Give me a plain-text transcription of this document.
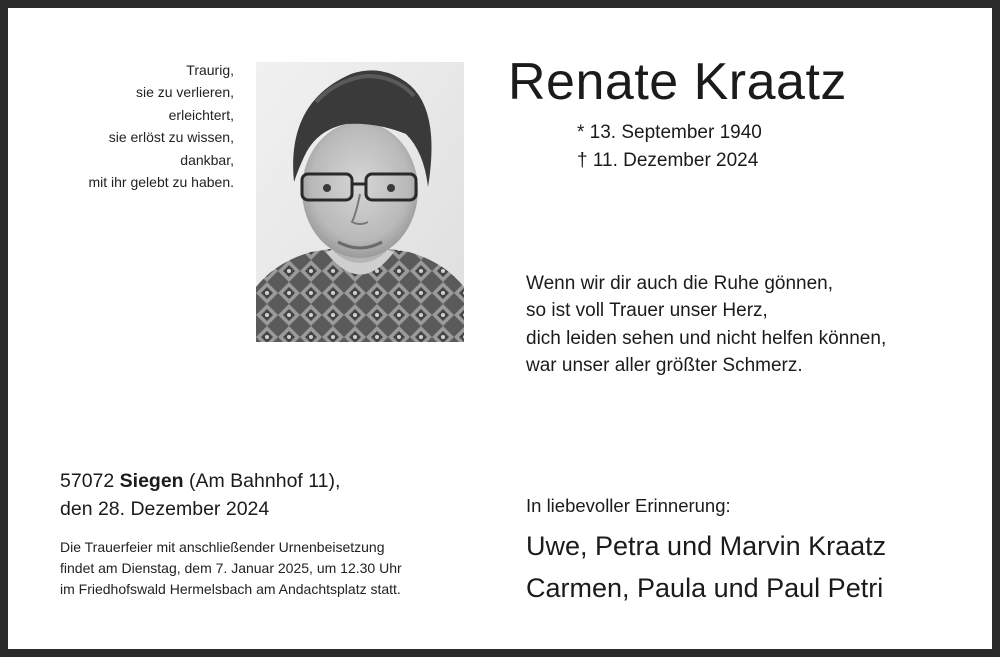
Traurig,
sie zu verlieren,
erleichtert,
sie erlöst zu wissen,
dankbar,
mit ihr gelebt zu haben.
Renate Kraatz
* 13. September 1940
† 11. Dezember 2024
Wenn wir dir auch die Ruhe gönnen,
so ist voll Trauer unser Herz,
dich leiden sehen und nicht helfen können,
war unser aller größter Schmerz.
57072 Siegen (Am Bahnhof 11),
den 28. Dezember 2024
Die Trauerfeier mit anschließender Urnenbeisetzung
findet am Dienstag, dem 7. Januar 2025, um 12.30 Uhr
im Friedhofswald Hermelsbach am Andachtsplatz statt.
In liebevoller Erinnerung:
Uwe, Petra und Marvin Kraatz
Carmen, Paula und Paul Petri
